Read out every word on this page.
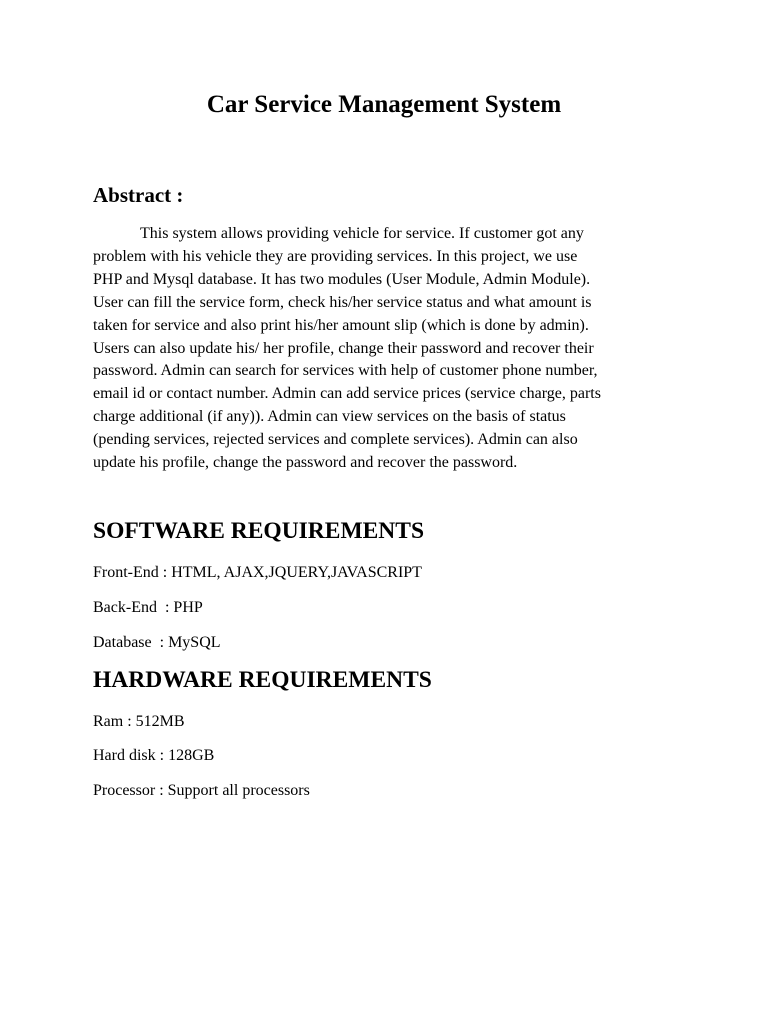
Car Service Management System
Abstract :
This system allows providing vehicle for service. If customer got any
problem with his vehicle they are providing services. In this project, we use
PHP and Mysql database. It has two modules (User Module, Admin Module).
User can fill the service form, check his/her service status and what amount is
taken for service and also print his/her amount slip (which is done by admin).
Users can also update his/ her profile, change their password and recover their
password. Admin can search for services with help of customer phone number,
email id or contact number. Admin can add service prices (service charge, parts
charge additional (if any)). Admin can view services on the basis of status
(pending services, rejected services and complete services). Admin can also
update his profile, change the password and recover the password.
SOFTWARE REQUIREMENTS
Front-End : HTML, AJAX,JQUERY,JAVASCRIPT
Back-End  : PHP
Database  : MySQL
HARDWARE REQUIREMENTS
Ram : 512MB
Hard disk : 128GB
Processor : Support all processors
